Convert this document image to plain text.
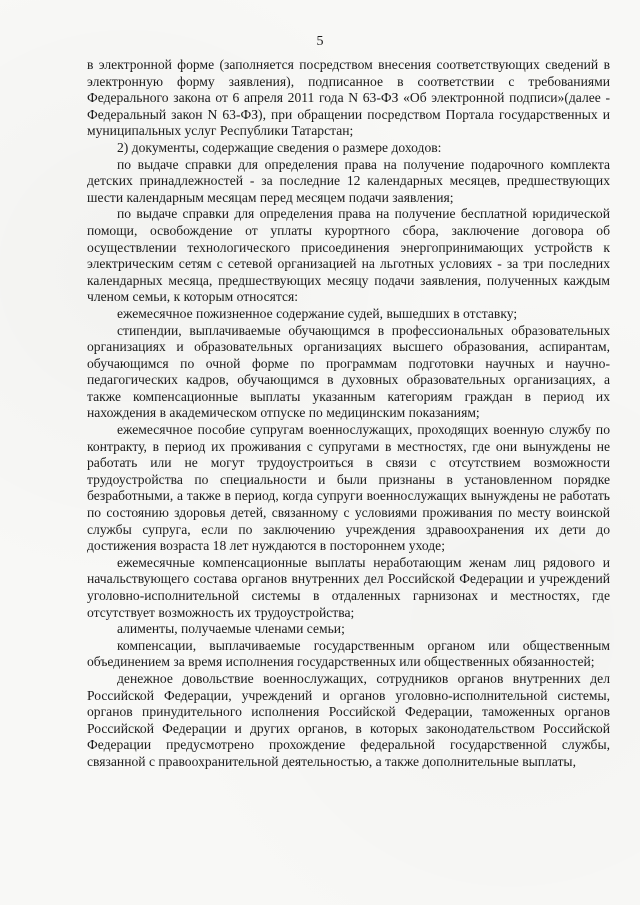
5

в электронной форме (заполняется посредством внесения соответствующих сведений в электронную форму заявления), подписанное в соответствии с требованиями Федерального закона от 6 апреля 2011 года N 63-ФЗ «Об электронной подписи»(далее - Федеральный закон N 63-ФЗ), при обращении посредством Портала государственных и муниципальных услуг Республики Татарстан;

2) документы, содержащие сведения о размере доходов:

по выдаче справки для определения права на получение подарочного комплекта детских принадлежностей - за последние 12 календарных месяцев, предшествующих шести календарным месяцам перед месяцем подачи заявления;

по выдаче справки для определения права на получение бесплатной юридической помощи, освобождение от уплаты курортного сбора, заключение договора об осуществлении технологического присоединения энергопринимающих устройств к электрическим сетям с сетевой организацией на льготных условиях - за три последних календарных месяца, предшествующих месяцу подачи заявления, полученных каждым членом семьи, к которым относятся:

ежемесячное пожизненное содержание судей, вышедших в отставку;

стипендии, выплачиваемые обучающимся в профессиональных образовательных организациях и образовательных организациях высшего образования, аспирантам, обучающимся по очной форме по программам подготовки научных и научно-педагогических кадров, обучающимся в духовных образовательных организациях, а также компенсационные выплаты указанным категориям граждан в период их нахождения в академическом отпуске по медицинским показаниям;

ежемесячное пособие супругам военнослужащих, проходящих военную службу по контракту, в период их проживания с супругами в местностях, где они вынуждены не работать или не могут трудоустроиться в связи с отсутствием возможности трудоустройства по специальности и были признаны в установленном порядке безработными, а также в период, когда супруги военнослужащих вынуждены не работать по состоянию здоровья детей, связанному с условиями проживания по месту воинской службы супруга, если по заключению учреждения здравоохранения их дети до достижения возраста 18 лет нуждаются в постороннем уходе;

ежемесячные компенсационные выплаты неработающим женам лиц рядового и начальствующего состава органов внутренних дел Российской Федерации и учреждений уголовно-исполнительной системы в отдаленных гарнизонах и местностях, где отсутствует возможность их трудоустройства;

алименты, получаемые членами семьи;

компенсации, выплачиваемые государственным органом или общественным объединением за время исполнения государственных или общественных обязанностей;

денежное довольствие военнослужащих, сотрудников органов внутренних дел Российской Федерации, учреждений и органов уголовно-исполнительной системы, органов принудительного исполнения Российской Федерации, таможенных органов Российской Федерации и других органов, в которых законодательством Российской Федерации предусмотрено прохождение федеральной государственной службы, связанной с правоохранительной деятельностью, а также дополнительные выплаты,
